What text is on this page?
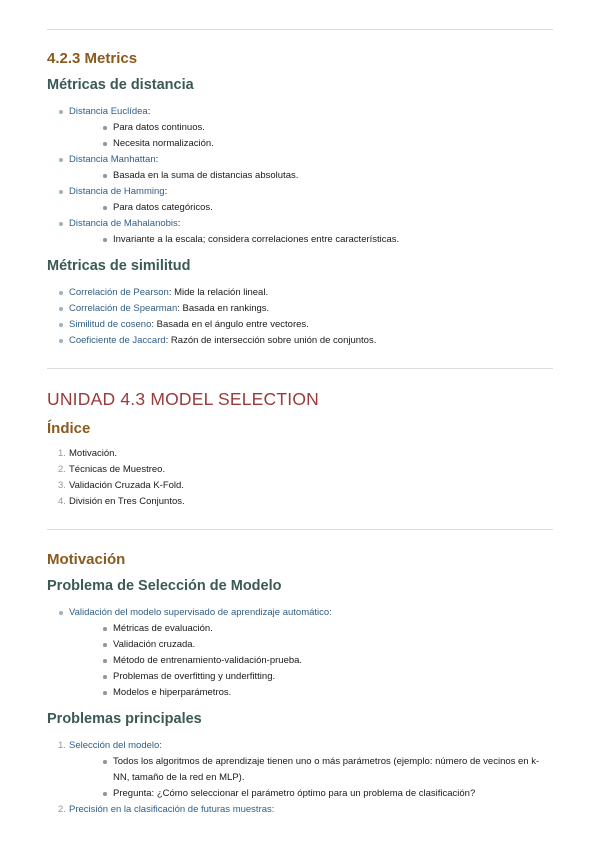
4.2.3 Metrics
Métricas de distancia
Distancia Euclídea:
Para datos continuos.
Necesita normalización.
Distancia Manhattan:
Basada en la suma de distancias absolutas.
Distancia de Hamming:
Para datos categóricos.
Distancia de Mahalanobis:
Invariante a la escala; considera correlaciones entre características.
Métricas de similitud
Correlación de Pearson: Mide la relación lineal.
Correlación de Spearman: Basada en rankings.
Similitud de coseno: Basada en el ángulo entre vectores.
Coeficiente de Jaccard: Razón de intersección sobre unión de conjuntos.
UNIDAD 4.3 MODEL SELECTION
Índice
1. Motivación.
2. Técnicas de Muestreo.
3. Validación Cruzada K-Fold.
4. División en Tres Conjuntos.
Motivación
Problema de Selección de Modelo
Validación del modelo supervisado de aprendizaje automático:
Métricas de evaluación.
Validación cruzada.
Método de entrenamiento-validación-prueba.
Problemas de overfitting y underfitting.
Modelos e hiperparámetros.
Problemas principales
1. Selección del modelo:
Todos los algoritmos de aprendizaje tienen uno o más parámetros (ejemplo: número de vecinos en k-NN, tamaño de la red en MLP).
Pregunta: ¿Cómo seleccionar el parámetro óptimo para un problema de clasificación?
2. Precisión en la clasificación de futuras muestras:
